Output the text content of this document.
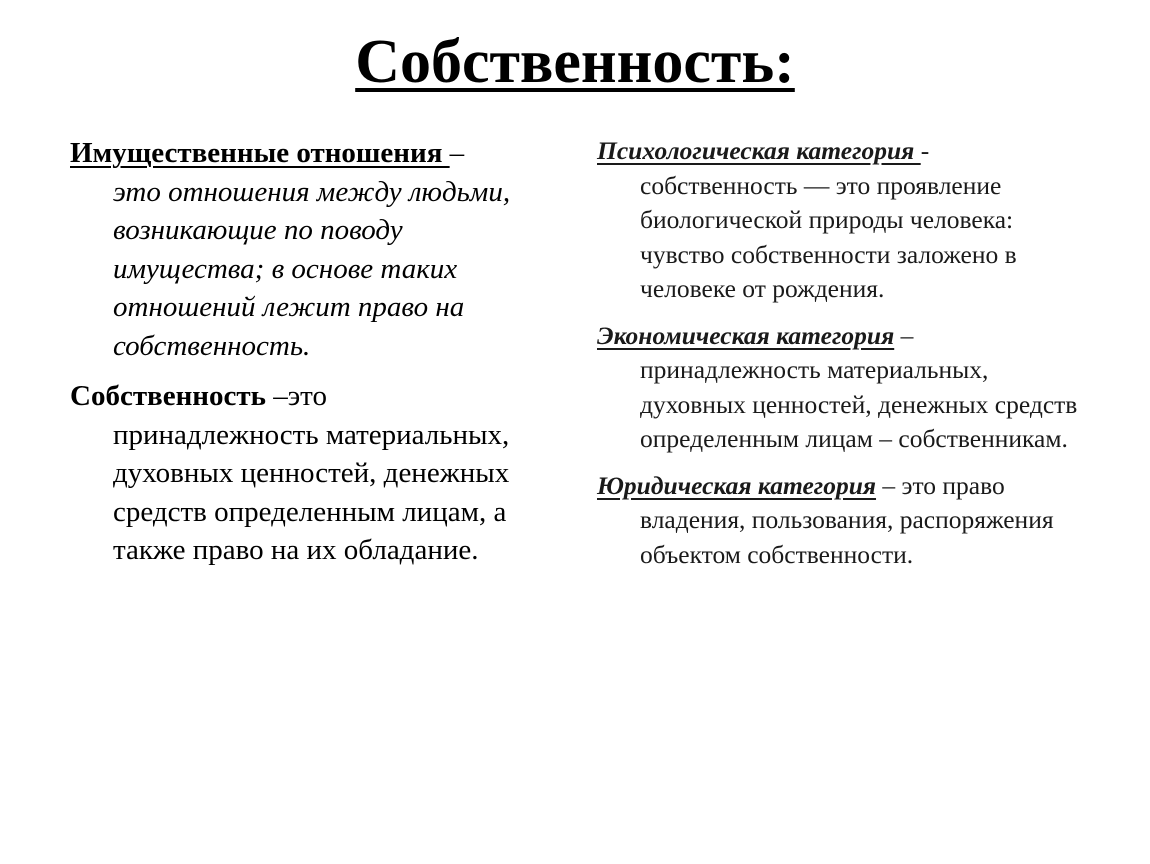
Собственность:
Имущественные отношения –
это отношения между людьми, возникающие по поводу имущества; в основе таких отношений лежит право на собственность.
Собственность –это
принадлежность материальных, духовных ценностей, денежных средств определенным лицам, а также право на их обладание.
Психологическая категория -
собственность — это проявление биологической природы человека: чувство собственности заложено в человеке от рождения.
Экономическая категория –
принадлежность материальных, духовных ценностей, денежных средств определенным лицам – собственникам.
Юридическая категория – это право
владения, пользования, распоряжения объектом собственности.
